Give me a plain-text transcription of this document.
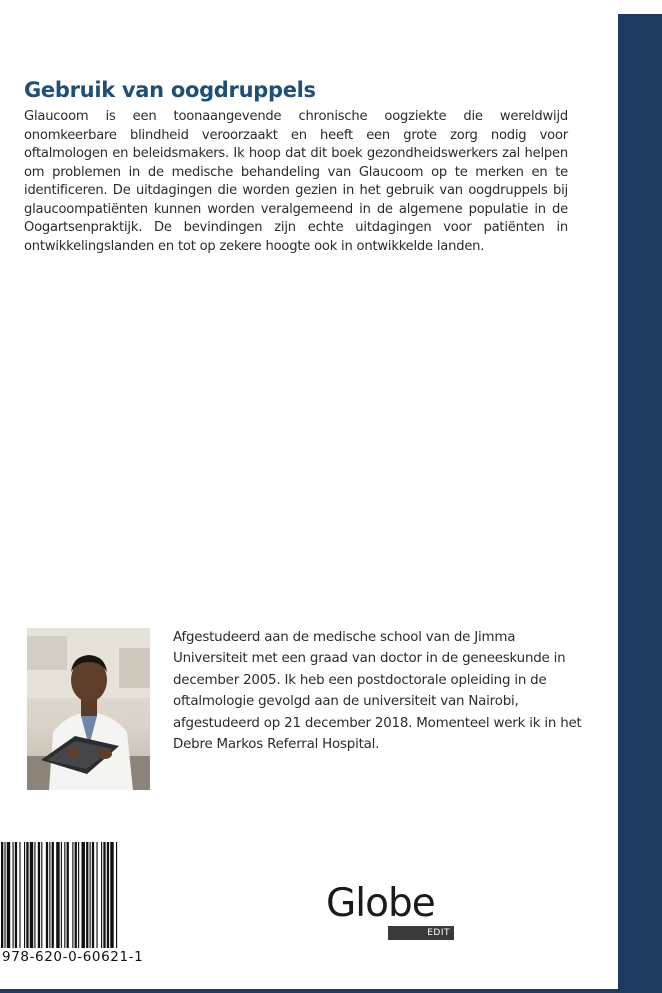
Gebruik van oogdruppels

Glaucoom is een toonaangevende chronische oogziekte die wereldwijd onomkeerbare blindheid veroorzaakt en heeft een grote zorg nodig voor oftalmologen en beleidsmakers. Ik hoop dat dit boek gezondheidswerkers zal helpen om problemen in de medische behandeling van Glaucoom op te merken en te identificeren. De uitdagingen die worden gezien in het gebruik van oogdruppels bij glaucoompatiënten kunnen worden veralgemeend in de algemene populatie in de Oogartsenpraktijk. De bevindingen zijn echte uitdagingen voor patiënten in ontwikkelingslanden en tot op zekere hoogte ook in ontwikkelde landen.

Afgestudeerd aan de medische school van de Jimma Universiteit met een graad van doctor in de geneeskunde in december 2005. Ik heb een postdoctorale opleiding in de oftalmologie gevolgd aan de universiteit van Nairobi, afgestudeerd op 21 december 2018. Momenteel werk ik in het Debre Markos Referral Hospital.

978-620-0-60621-1

Globe
EDIT
